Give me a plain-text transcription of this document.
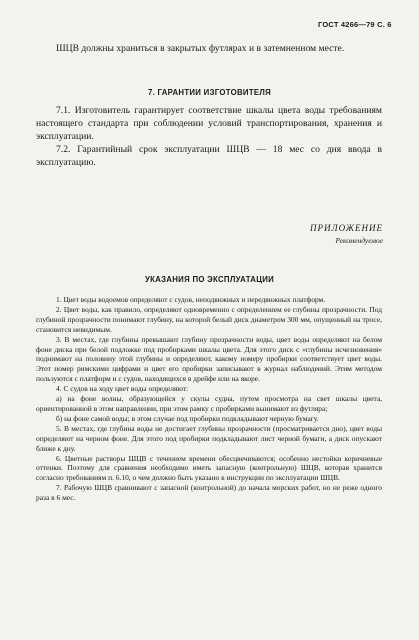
ГОСТ 4266—79 С. 6

ШЦВ должны храниться в закрытых футлярах и в затемненном месте.

7. ГАРАНТИИ ИЗГОТОВИТЕЛЯ

7.1. Изготовитель гарантирует соответствие шкалы цвета воды требованиям настоящего стандарта при соблюдении условий транспортирования, хранения и эксплуатации.

7.2. Гарантийный срок эксплуатации ШЦВ — 18 мес со дня ввода в эксплуатацию.

ПРИЛОЖЕНИЕ
Рекомендуемое
УКАЗАНИЯ ПО ЭКСПЛУАТАЦИИ

1. Цвет воды водоемов определяют с судов, неподвижных и передвижных платформ.

2. Цвет воды, как правило, определяют одновременно с определением ее глубины прозрачности. Под глубиной прозрачности понимают глубину, на которой белый диск диаметром 300 мм, опущенный на тросе, становится невидимым.

3. В местах, где глубины превышают глубину прозрачности воды, цвет воды определяют на белом фоне диска при белой подложке под пробирками шкалы цвета. Для этого диск с «глубины исчезновения» поднимают на половину этой глубины и определяют, какому номеру пробирки соответствует цвет воды. Этот номер римскими цифрами и цвет его пробирки записывают в журнал наблюдений. Этим методом пользуются с платформ и с судов, находящихся в дрейфе или на якоре.

4. С судов на ходу цвет воды определяют:

а) на фоне волны, образующейся у скулы судна, путем просмотра на свет шкалы цвета, ориентированной в этом направлении, при этом рамку с пробирками вынимают из футляра;

б) на фоне самой воды; в этом случае под пробирки подкладывают черную бумагу.

5. В местах, где глубина воды не достигает глубины прозрачности (просматривается дно), цвет воды определяют на черном фоне. Для этого под пробирки подкладывают лист черной бумаги, а диск опускают ближе к дну.

6. Цветные растворы ШЦВ с течением времени обесцвечиваются; особенно нестойки коричневые оттенки. Поэтому для сравнения необходимо иметь запасную (контрольную) ШЦВ, которая хранится согласно требованиям п. 6.10, о чем должно быть указано в инструкции по эксплуатации ШЦВ.

7. Рабочую ШЦВ сравнивают с запасной (контрольной) до начала морских работ, но не реже одного раза в 6 мес.
